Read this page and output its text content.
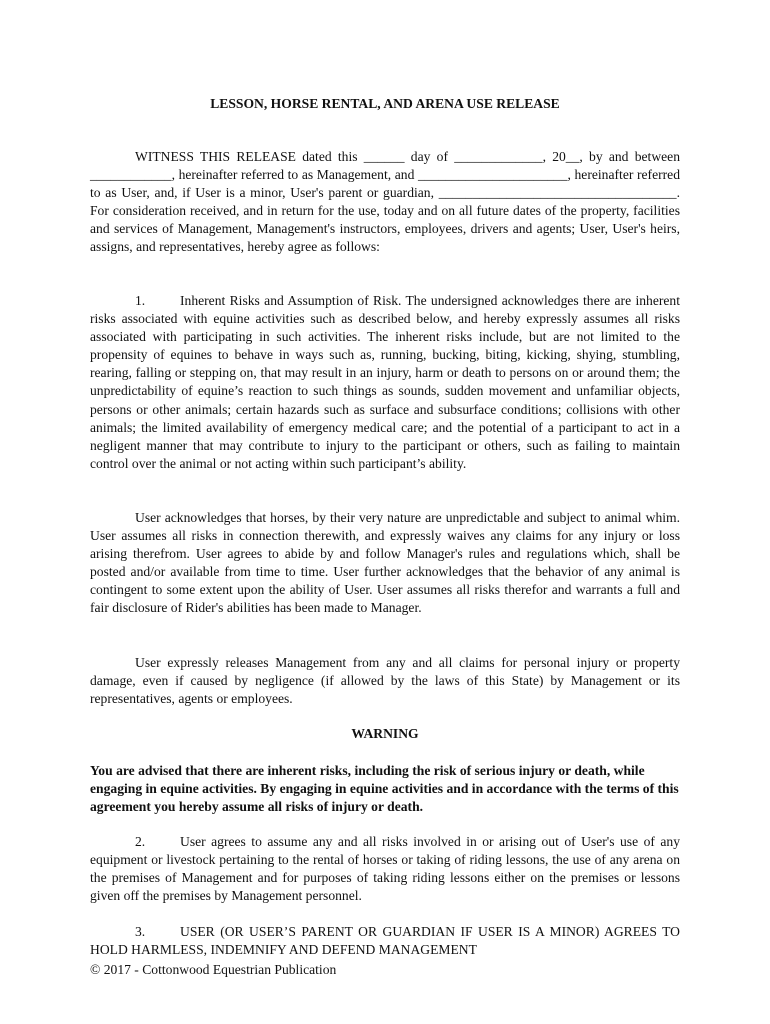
LESSON, HORSE RENTAL, AND ARENA USE RELEASE

WITNESS THIS RELEASE dated this ______ day of _____________, 20__, by and between ____________, hereinafter referred to as Management, and ______________________, hereinafter referred to as User, and, if User is a minor, User's parent or guardian, ___________________________________. For consideration received, and in return for the use, today and on all future dates of the property, facilities and services of Management, Management's instructors, employees, drivers and agents; User, User's heirs, assigns, and representatives, hereby agree as follows:

1.	Inherent Risks and Assumption of Risk. The undersigned acknowledges there are inherent risks associated with equine activities such as described below, and hereby expressly assumes all risks associated with participating in such activities. The inherent risks include, but are not limited to the propensity of equines to behave in ways such as, running, bucking, biting, kicking, shying, stumbling, rearing, falling or stepping on, that may result in an injury, harm or death to persons on or around them; the unpredictability of equine’s reaction to such things as sounds, sudden movement and unfamiliar objects, persons or other animals; certain hazards such as surface and subsurface conditions; collisions with other animals; the limited availability of emergency medical care; and the potential of a participant to act in a negligent manner that may contribute to injury to the participant or others, such as failing to maintain control over the animal or not acting within such participant’s ability.

User acknowledges that horses, by their very nature are unpredictable and subject to animal whim. User assumes all risks in connection therewith, and expressly waives any claims for any injury or loss arising therefrom. User agrees to abide by and follow Manager's rules and regulations which, shall be posted and/or available from time to time. User further acknowledges that the behavior of any animal is contingent to some extent upon the ability of User. User assumes all risks therefor and warrants a full and fair disclosure of Rider's abilities has been made to Manager.

User expressly releases Management from any and all claims for personal injury or property damage, even if caused by negligence (if allowed by the laws of this State) by Management or its representatives, agents or employees.

WARNING

You are advised that there are inherent risks, including the risk of serious injury or death, while engaging in equine activities. By engaging in equine activities and in accordance with the terms of this agreement you hereby assume all risks of injury or death.

2.	User agrees to assume any and all risks involved in or arising out of User's use of any equipment or livestock pertaining to the rental of horses or taking of riding lessons, the use of any arena on the premises of Management and for purposes of taking riding lessons either on the premises or lessons given off the premises by Management personnel.

3.	USER (OR USER’S PARENT OR GUARDIAN IF USER IS A MINOR) AGREES TO HOLD HARMLESS, INDEMNIFY AND DEFEND MANAGEMENT

© 2017 - Cottonwood Equestrian Publication
